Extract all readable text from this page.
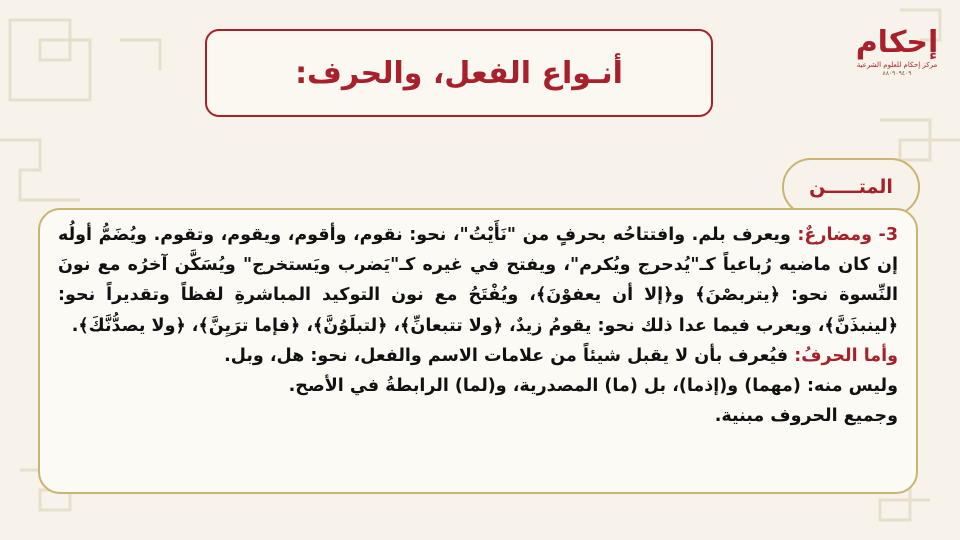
أنـواع الفعل، والحرف:
إحكام
مركز إحكام للعلوم الشرعية
٨٨٠٩٠٩٤٠٩
المتـــــن

3- ومضارعٌ: ويعرف بلم. وافتتاحُه بحرفٍ من "نَأَيْتُ"، نحو: نقوم، وأقوم، ويقوم، وتقوم. ويُضَمُّ أولُه إن كان ماضيه رُباعياً كـ"يُدحرج ويُكرم"، ويفتح في غيره كـ"يَضرب ويَستخرج" ويُسَكَّن آخرُه مع نونَ النِّسوة نحو: ﴿يتربصْنَ﴾ و﴿إلا أن يعفوْنَ﴾، ويُفْتَحُ مع نون التوكيد المباشرةِ لفظاً وتقديراً نحو: ﴿لينبذَنَّ﴾، ويعرب فيما عدا ذلك نحو: يقومُ زيدٌ، ﴿ولا تتبعانِّ﴾، ﴿لتبلَوُنَّ﴾، ﴿فإما ترَيِنَّ﴾، ﴿ولا يصدُّنَّكَ﴾.

وأما الحرفُ: فيُعرف بأن لا يقبل شيئاً من علامات الاسم والفعل، نحو: هل، وبل.

وليس منه: (مهما) و(إذما)، بل (ما) المصدرية، و(لما) الرابطةُ في الأصح.

وجميع الحروف مبنية.
